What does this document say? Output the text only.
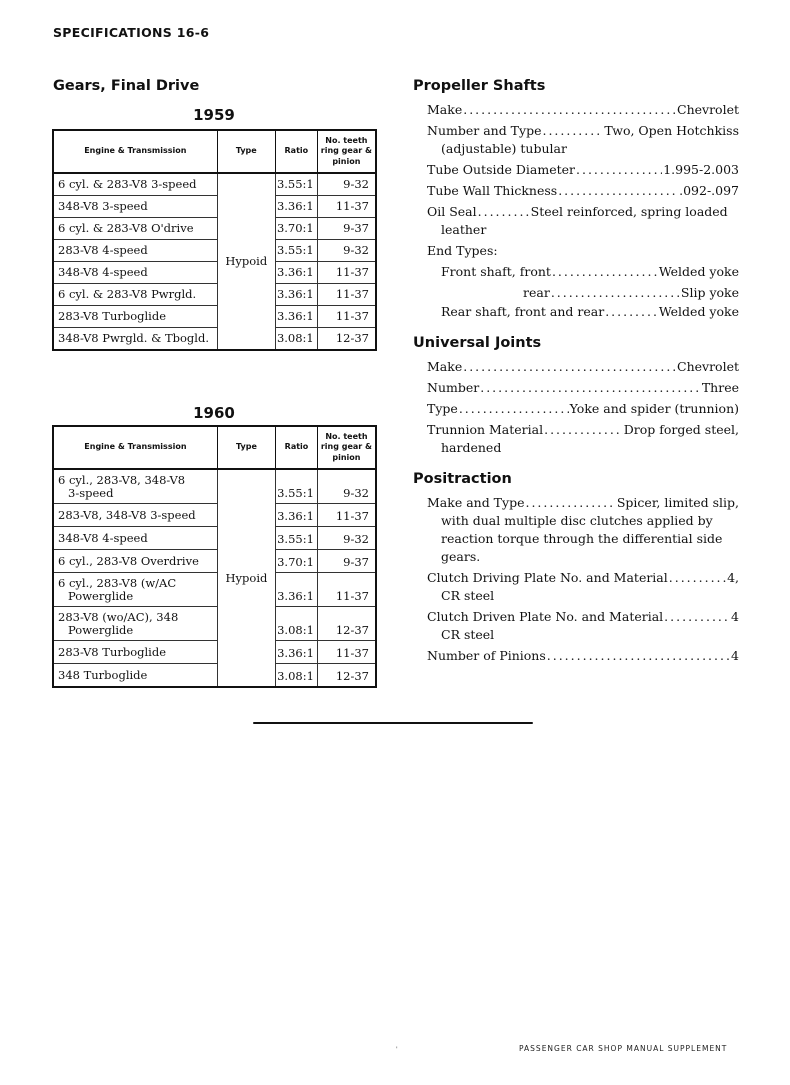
SPECIFICATIONS 16-6
Gears, Final Drive
1959
Engine & Transmission	Type	Ratio	No. teeth ring gear & pinion
6 cyl. & 283-V8 3-speed	Hypoid	3.55:1	9-32
348-V8 3-speed		3.36:1	11-37
6 cyl. & 283-V8 O'drive		3.70:1	9-37
283-V8 4-speed		3.55:1	9-32
348-V8 4-speed		3.36:1	11-37
6 cyl. & 283-V8 Pwrgld.		3.36:1	11-37
283-V8 Turboglide		3.36:1	11-37
348-V8 Pwrgld. & Tbogld.		3.08:1	12-37
1960
Engine & Transmission	Type	Ratio	No. teeth ring gear & pinion
6 cyl., 283-V8, 348-V8
3-speed	Hypoid	3.55:1	9-32
283-V8, 348-V8 3-speed		3.36:1	11-37
348-V8 4-speed		3.55:1	9-32
6 cyl., 283-V8 Overdrive		3.70:1	9-37
6 cyl., 283-V8 (w/AC
Powerglide		3.36:1	11-37
283-V8 (wo/AC), 348
Powerglide		3.08:1	12-37
283-V8 Turboglide		3.36:1	11-37
348 Turboglide		3.08:1	12-37
Propeller Shafts
Make .....	Chevrolet
Number and Type .....	Two, Open Hotchkiss
(adjustable) tubular
Tube Outside Diameter .....	1.995-2.003
Tube Wall Thickness .....	.092-.097
Oil Seal .....	Steel reinforced, spring loaded
leather
End Types:
Front shaft, front .....	Welded yoke
rear .....	Slip yoke
Rear shaft, front and rear .....	Welded yoke
Universal Joints
Make .....	Chevrolet
Number .....	Three
Type .....	Yoke and spider (trunnion)
Trunnion Material .....	Drop forged steel,
hardened
Positraction
Make and Type .....	Spicer, limited slip,
with dual multiple disc clutches applied by
reaction torque through the differential side
gears.
Clutch Driving Plate No. and Material .....	4,
CR steel
Clutch Driven Plate No. and Material .....	4
CR steel
Number of Pinions .....	4
'	PASSENGER CAR SHOP MANUAL SUPPLEMENT
